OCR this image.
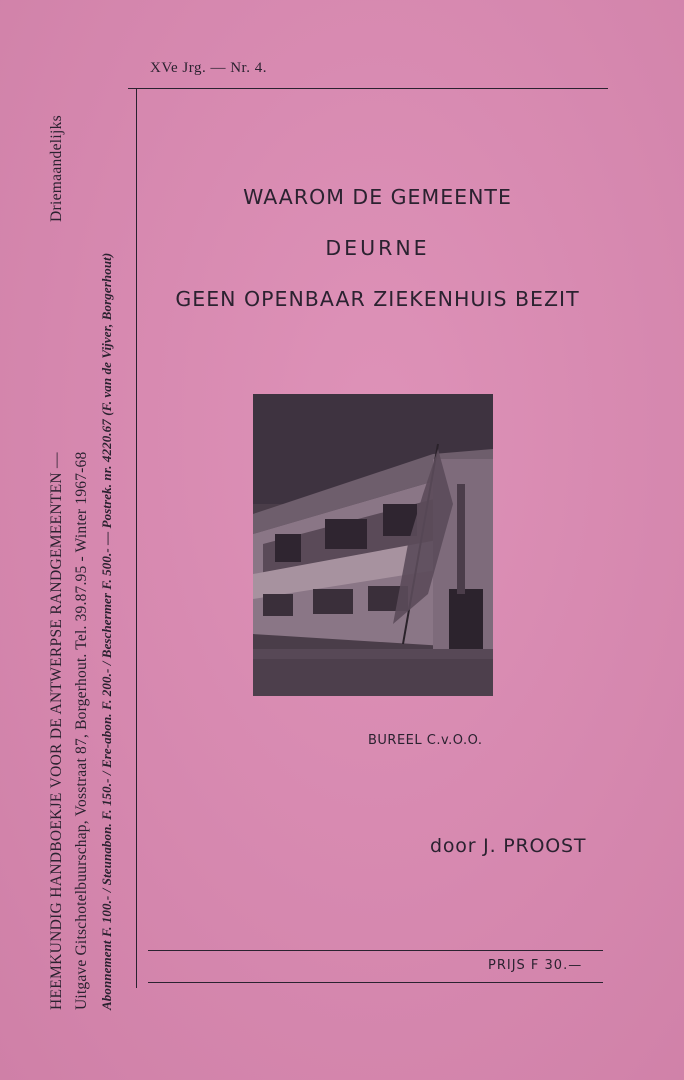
XVe Jrg. — Nr. 4.
HEEMKUNDIG HANDBOEKJE VOOR DE ANTWERPSE RANDGEMEENTEN —
Driemaandelijks
Uitgave Gitschotelbuurschap, Vosstraat 87, Borgerhout. Tel. 39.87.95 - Winter 1967-68 Abonnement F. 100.- / Steunabon. F. 150.- / Ere-abon. F. 200.- / Beschermer F. 500.- — Postrek. nr. 4220.67 (F. van de Vijver, Borgerhout)
WAAROM DE GEMEENTE
DEURNE
GEEN OPENBAAR ZIEKENHUIS BEZIT
BUREEL C.v.O.O.
door J. PROOST
PRIJS F 30.—
